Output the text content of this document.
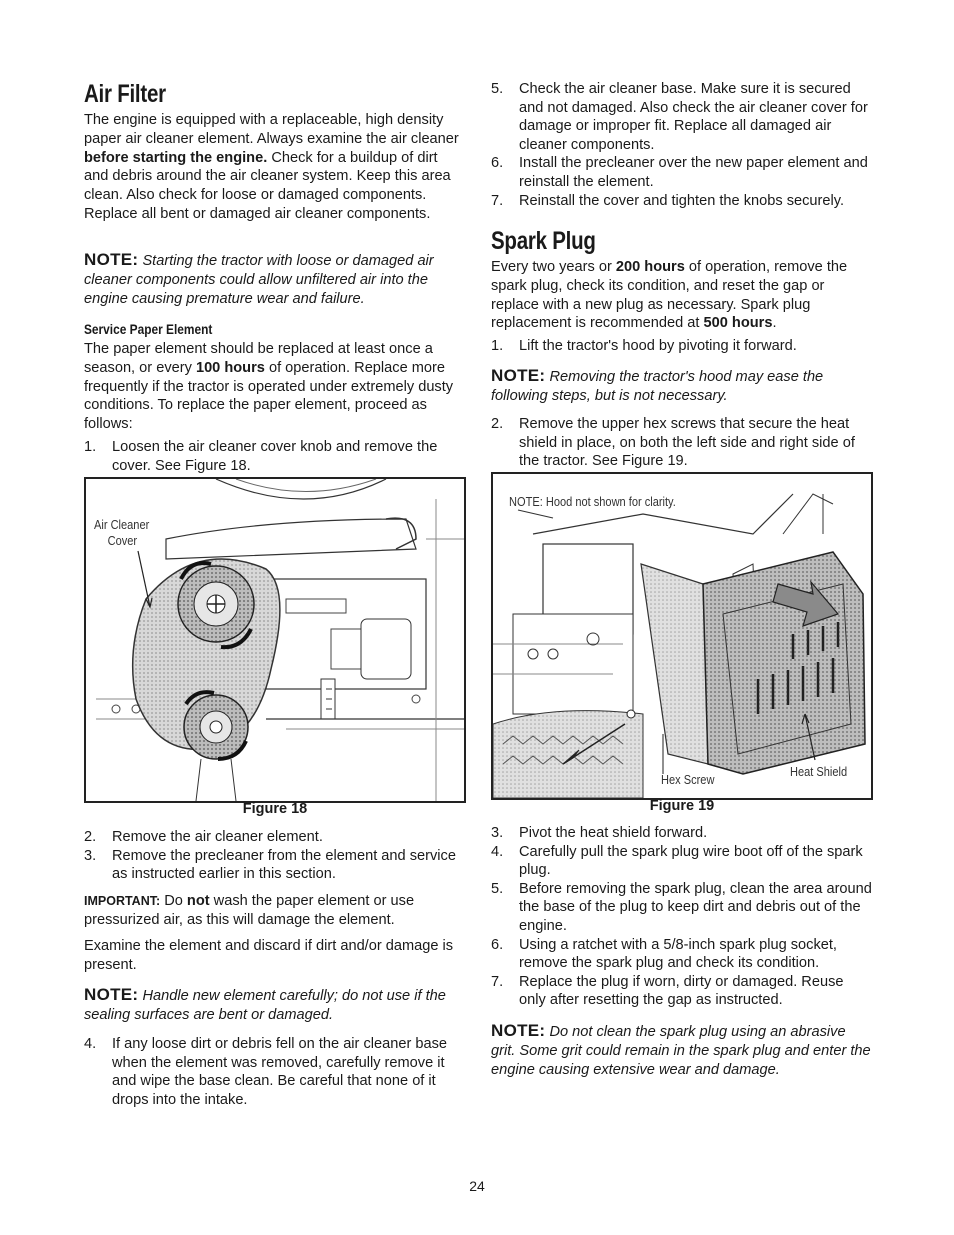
Air Filter

The engine is equipped with a replaceable, high density paper air cleaner element. Always examine the air cleaner before starting the engine. Check for a buildup of dirt and debris around the air cleaner system. Keep this area clean. Also check for loose or damaged components. Replace all bent or damaged air cleaner components.

NOTE: Starting the tractor with loose or damaged air cleaner components could allow unfiltered air into the engine causing premature wear and failure.

Service Paper Element

The paper element should be replaced at least once a season, or every 100 hours of operation. Replace more frequently if the tractor is operated under extremely dusty conditions. To replace the paper element, proceed as follows:

1. Loosen the air cleaner cover knob and remove the cover. See Figure 18.
Air Cleaner
Cover
Figure 18
2. Remove the air cleaner element.
3. Remove the precleaner from the element and service as instructed earlier in this section.

IMPORTANT: Do not wash the paper element or use pressurized air, as this will damage the element.

Examine the element and discard if dirt and/or damage is present.

NOTE: Handle new element carefully; do not use if the sealing surfaces are bent or damaged.

4. If any loose dirt or debris fell on the air cleaner base when the element was removed, carefully remove it and wipe the base clean. Be careful that none of it drops into the intake.
5. Check the air cleaner base. Make sure it is secured and not damaged. Also check the air cleaner cover for damage or improper fit. Replace all damaged air cleaner components.
6. Install the precleaner over the new paper element and reinstall the element.
7. Reinstall the cover and tighten the knobs securely.
Spark Plug

Every two years or 200 hours of operation, remove the spark plug, check its condition, and reset the gap or replace with a new plug as necessary. Spark plug replacement is recommended at 500 hours.

1. Lift the tractor's hood by pivoting it forward.

NOTE: Removing the tractor's hood may ease the following steps, but is not necessary.

2. Remove the upper hex screws that secure the heat shield in place, on both the left side and right side of the tractor. See Figure 19.
NOTE: Hood not shown for clarity.
Hex Screw
Heat Shield
Figure 19
3. Pivot the heat shield forward.
4. Carefully pull the spark plug wire boot off of the spark plug.
5. Before removing the spark plug, clean the area around the base of the plug to keep dirt and debris out of the engine.
6. Using a ratchet with a 5/8-inch spark plug socket, remove the spark plug and check its condition.
7. Replace the plug if worn, dirty or damaged. Reuse only after resetting the gap as instructed.

NOTE: Do not clean the spark plug using an abrasive grit. Some grit could remain in the spark plug and enter the engine causing extensive wear and damage.

24
